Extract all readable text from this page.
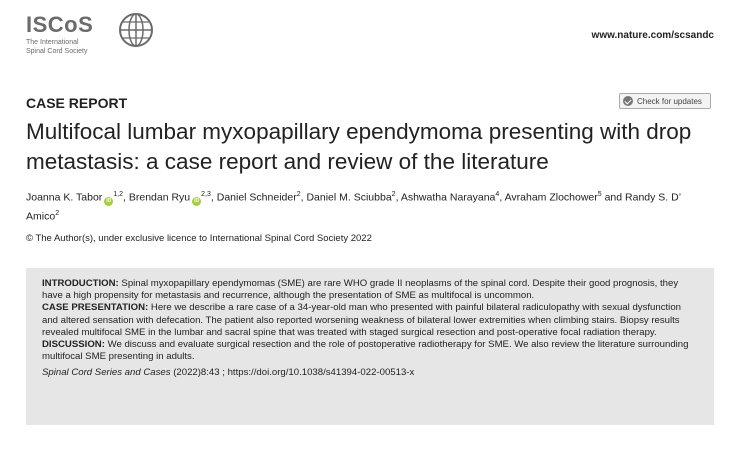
ISCoS
The International
Spinal Cord Society
www.nature.com/scsandc
CASE REPORT	Check for updates
Multifocal lumbar myxopapillary ependymoma presenting with drop metastasis: a case report and review of the literature
Joanna K. Tabor iD$^{1,2}$, Brendan Ryu iD$^{2,3}$, Daniel Schneider$^2$, Daniel M. Sciubba$^2$, Ashwatha Narayana$^4$, Avraham Zlochower$^5$ and Randy S. D’ Amico$^2$
© The Author(s), under exclusive licence to International Spinal Cord Society 2022

INTRODUCTION: Spinal myxopapillary ependymomas (SME) are rare WHO grade II neoplasms of the spinal cord. Despite their good prognosis, they have a high propensity for metastasis and recurrence, although the presentation of SME as multifocal is uncommon.

CASE PRESENTATION: Here we describe a rare case of a 34-year-old man who presented with painful bilateral radiculopathy with sexual dysfunction and altered sensation with defecation. The patient also reported worsening weakness of bilateral lower extremities when climbing stairs. Biopsy results revealed multifocal SME in the lumbar and sacral spine that was treated with staged surgical resection and post-operative focal radiation therapy.

DISCUSSION: We discuss and evaluate surgical resection and the role of postoperative radiotherapy for SME. We also review the literature surrounding multifocal SME presenting in adults.

Spinal Cord Series and Cases (2022)8:43 ; https://doi.org/10.1038/s41394-022-00513-x
